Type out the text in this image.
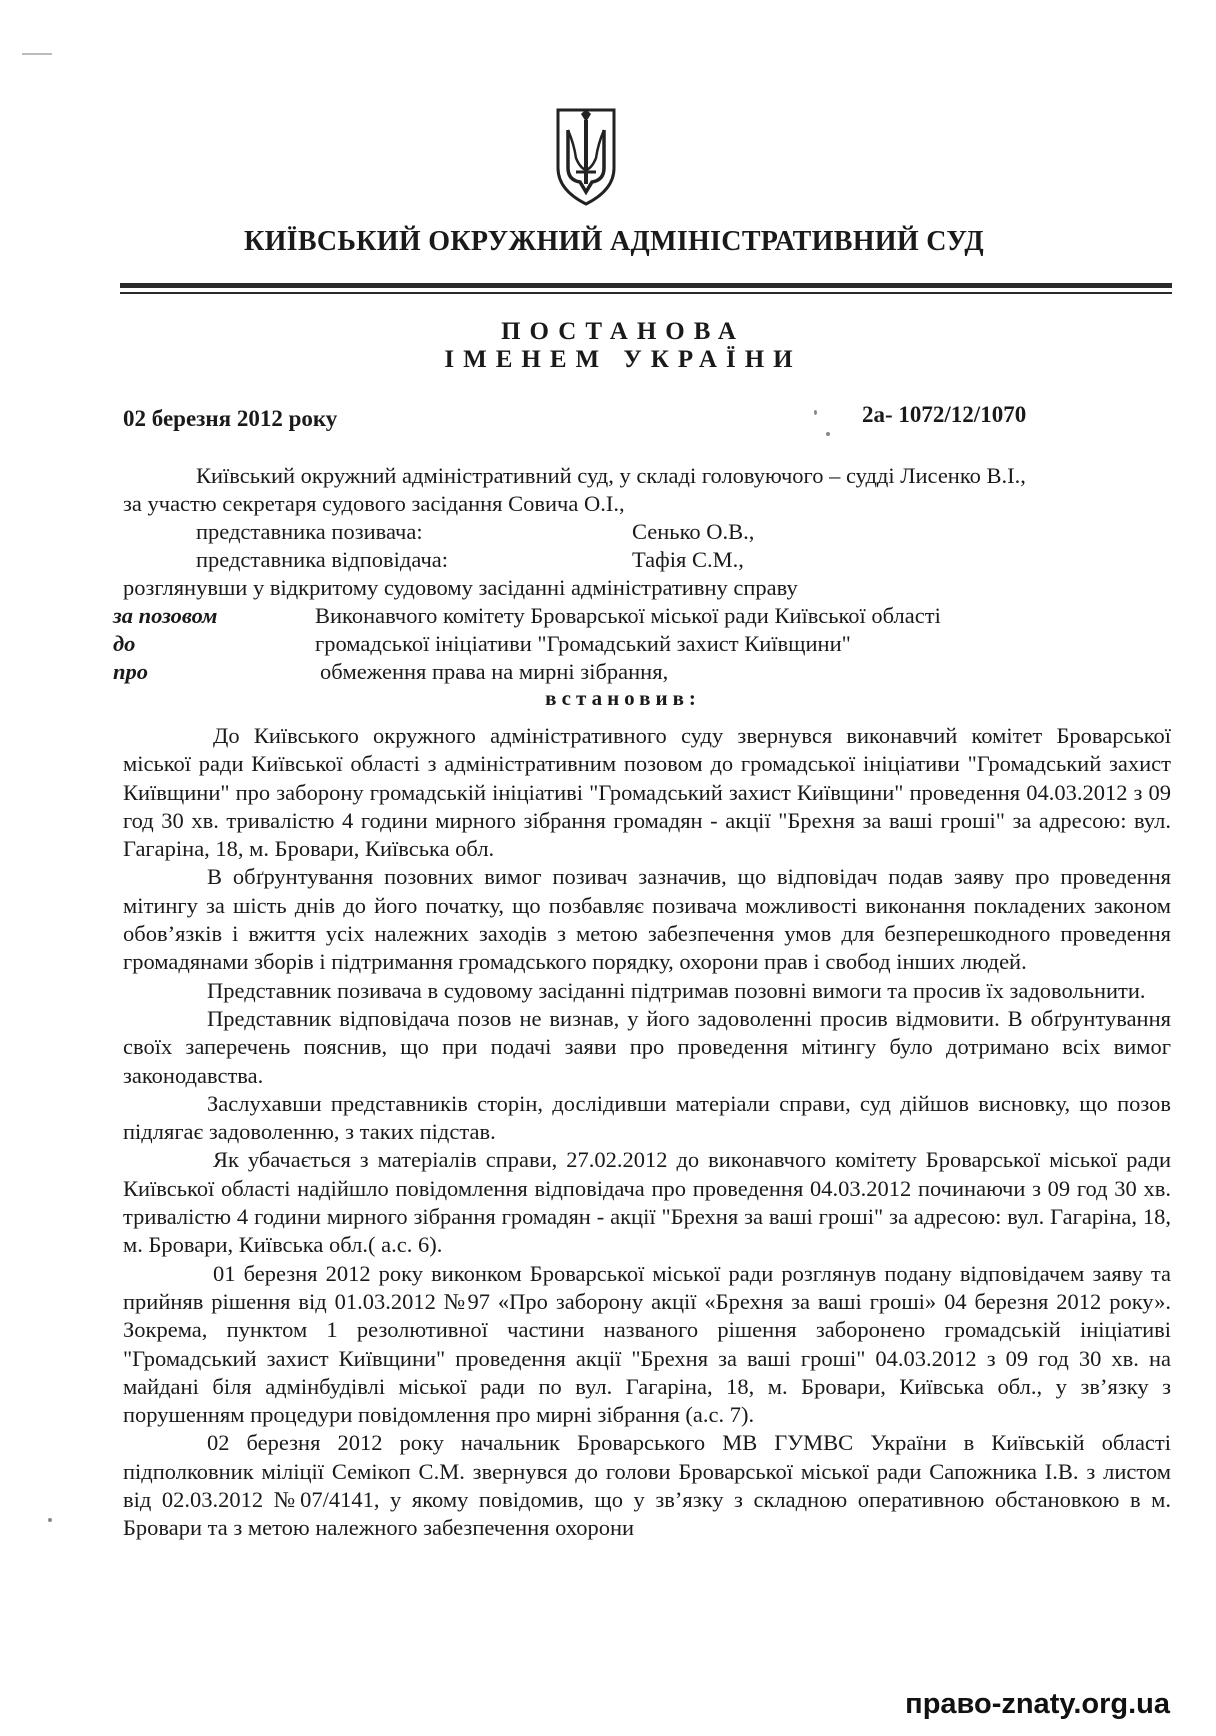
КИЇВСЬКИЙ ОКРУЖНИЙ АДМІНІСТРАТИВНИЙ СУД
ПОСТАНОВА
ІМЕНЕМ УКРАЇНИ
02 березня 2012 року	2а- 1072/12/1070
Київський окружний адміністративний суд, у складі головуючого – судді Лисенко В.І.,
за участю секретаря судового засідання Совича О.І.,
представника позивача:	Сенько О.В.,
представника відповідача:	Тафія С.М.,
розглянувши у відкритому судовому засіданні адміністративну справу
за позовом	Виконавчого комітету Броварської міської ради Київської області
до	громадської ініціативи "Громадський захист Київщини"
про	обмеження права на мирні зібрання,
встановив:

До Київського окружного адміністративного суду звернувся виконавчий комітет Броварської міської ради Київської області з адміністративним позовом до громадської ініціативи "Громадський захист Київщини" про заборону громадській ініціативі "Громадський захист Київщини" проведення 04.03.2012 з 09 год 30 хв. тривалістю 4 години мирного зібрання громадян - акції "Брехня за ваші гроші" за адресою: вул. Гагаріна, 18, м. Бровари, Київська обл.

В обґрунтування позовних вимог позивач зазначив, що відповідач подав заяву про проведення мітингу за шість днів до його початку, що позбавляє позивача можливості виконання покладених законом обов’язків і вжиття усіх належних заходів з метою забезпечення умов для безперешкодного проведення громадянами зборів і підтримання громадського порядку, охорони прав і свобод інших людей.

Представник позивача в судовому засіданні підтримав позовні вимоги та просив їх задовольнити.

Представник відповідача позов не визнав, у його задоволенні просив відмовити. В обґрунтування своїх заперечень пояснив, що при подачі заяви про проведення мітингу було дотримано всіх вимог законодавства.

Заслухавши представників сторін, дослідивши матеріали справи, суд дійшов висновку, що позов підлягає задоволенню, з таких підстав.

Як убачається з матеріалів справи, 27.02.2012 до виконавчого комітету Броварської міської ради Київської області надійшло повідомлення відповідача про проведення 04.03.2012 починаючи з 09 год 30 хв. тривалістю 4 години мирного зібрання громадян - акції "Брехня за ваші гроші" за адресою: вул. Гагаріна, 18, м. Бровари, Київська обл.( а.с. 6).

01 березня 2012 року виконком Броварської міської ради розглянув подану відповідачем заяву та прийняв рішення від 01.03.2012 №97 «Про заборону акції «Брехня за ваші гроші» 04 березня 2012 року». Зокрема, пунктом 1 резолютивної частини названого рішення заборонено громадській ініціативі "Громадський захист Київщини" проведення акції "Брехня за ваші гроші" 04.03.2012 з 09 год 30 хв. на майдані біля адмінбудівлі міської ради по вул. Гагаріна, 18, м. Бровари, Київська обл., у зв’язку з порушенням процедури повідомлення про мирні зібрання (а.с. 7).

02 березня 2012 року начальник Броварського МВ ГУМВС України в Київській області підполковник міліції Семікоп С.М. звернувся до голови Броварської міської ради Сапожника І.В. з листом від 02.03.2012 №07/4141, у якому повідомив, що у зв’язку з складною оперативною обстановкою в м. Бровари та з метою належного забезпечення охорони

право-znaty.org.ua
